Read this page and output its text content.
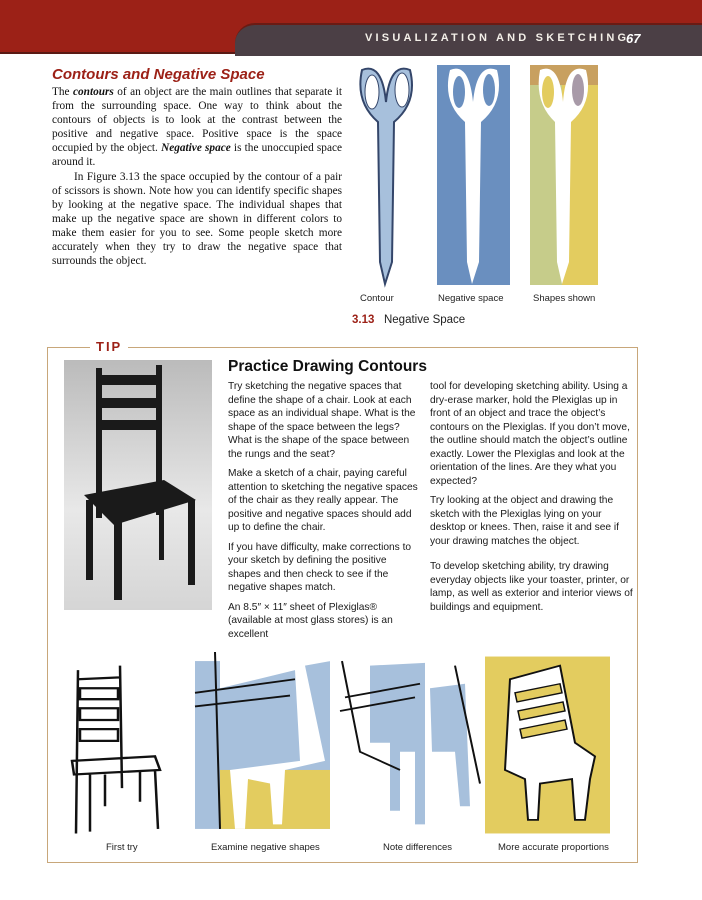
VISUALIZATION AND SKETCHING
67
Contours and Negative Space

The contours of an object are the main outlines that separate it from the surrounding space. One way to think about the contours of objects is to look at the contrast between the positive and negative space. Positive space is the space occupied by the object. Negative space is the unoccupied space around it.

In Figure 3.13 the space occupied by the contour of a pair of scissors is shown. Note how you can identify specific shapes by looking at the negative space. The individual shapes that make up the negative space are shown in different colors to make them easier for you to see. Some people sketch more accurately when they try to draw the negative space that surrounds the object.

Contour	Negative space	Shapes shown
3.13 Negative Space
TIP
Practice Drawing Contours

Try sketching the negative spaces that define the shape of a chair. Look at each space as an individual shape. What is the shape of the space between the legs? What is the shape of the space between the rungs and the seat?

Make a sketch of a chair, paying careful attention to sketching the negative spaces of the chair as they really appear. The positive and negative spaces should add up to define the chair.

If you have difficulty, make corrections to your sketch by defining the positive shapes and then check to see if the negative shapes match.

An 8.5″ × 11″ sheet of Plexiglas® (available at most glass stores) is an excellent

tool for developing sketching ability. Using a dry-erase marker, hold the Plexiglas up in front of an object and trace the object’s contours on the Plexiglas. If you don’t move, the outline should match the object’s outline exactly. Lower the Plexiglas and look at the orientation of the lines. Are they what you expected?

Try looking at the object and drawing the sketch with the Plexiglas lying on your desktop or knees. Then, raise it and see if your drawing matches the object.

To develop sketching ability, try drawing everyday objects like your toaster, printer, or lamp, as well as exterior and interior views of buildings and equipment.

First try	Examine negative shapes	Note differences	More accurate proportions
